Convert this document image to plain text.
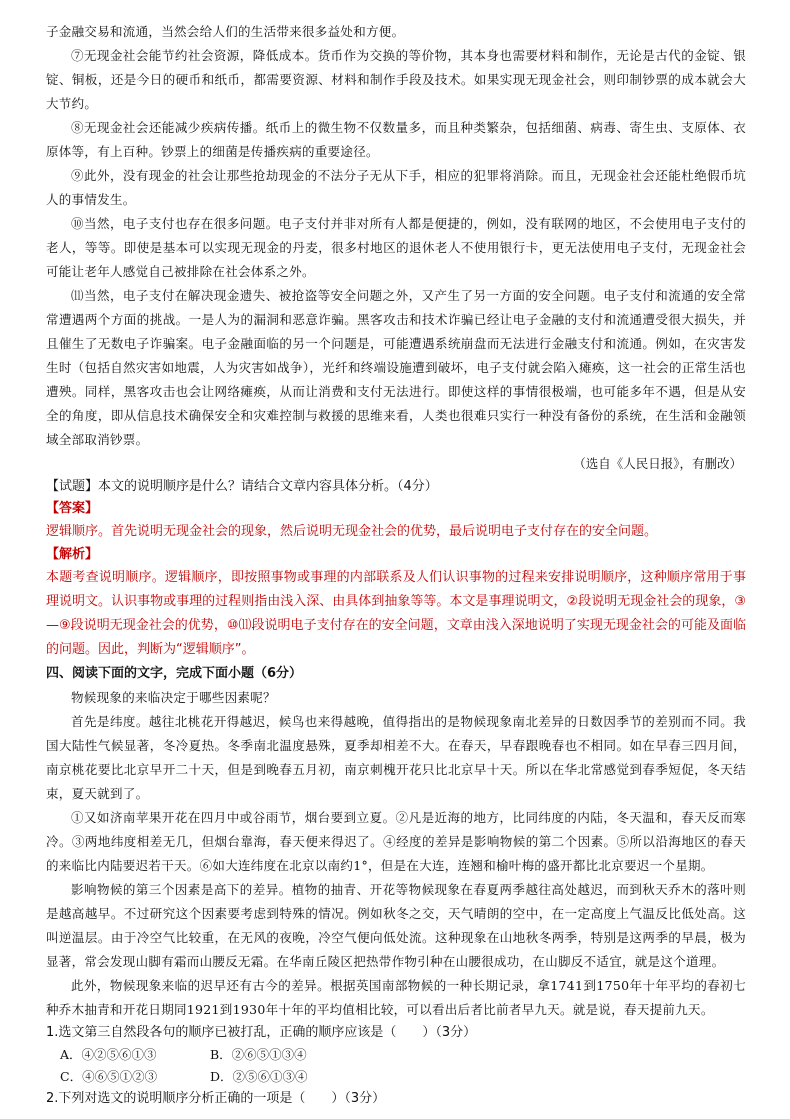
子金融交易和流通，当然会给人们的生活带来很多益处和方便。

⑦无现金社会能节约社会资源，降低成本。货币作为交换的等价物，其本身也需要材料和制作，无论是古代的金锭、银锭、铜板，还是今日的硬币和纸币，都需要资源、材料和制作手段及技术。如果实现无现金社会，则印制钞票的成本就会大大节约。

⑧无现金社会还能减少疾病传播。纸币上的微生物不仅数量多，而且种类繁杂，包括细菌、病毒、寄生虫、支原体、衣原体等，有上百种。钞票上的细菌是传播疾病的重要途径。

⑨此外，没有现金的社会让那些抢劫现金的不法分子无从下手，相应的犯罪将消除。而且，无现金社会还能杜绝假币坑人的事情发生。

⑩当然，电子支付也存在很多问题。电子支付并非对所有人都是便捷的，例如，没有联网的地区，不会使用电子支付的老人，等等。即使是基本可以实现无现金的丹麦，很多村地区的退休老人不使用银行卡，更无法使用电子支付，无现金社会可能让老年人感觉自己被排除在社会体系之外。

⑾当然，电子支付在解决现金遗失、被抢盗等安全问题之外，又产生了另一方面的安全问题。电子支付和流通的安全常常遭遇两个方面的挑战。一是人为的漏洞和恶意诈骗。黑客攻击和技术诈骗已经让电子金融的支付和流通遭受很大损失，并且催生了无数电子诈骗案。电子金融面临的另一个问题是，可能遭遇系统崩盘而无法进行金融支付和流通。例如，在灾害发生时（包括自然灾害如地震，人为灾害如战争），光纤和终端设施遭到破坏，电子支付就会陷入瘫痪，这一社会的正常生活也遭殃。同样，黑客攻击也会让网络瘫痪，从而让消费和支付无法进行。即使这样的事情很极端，也可能多年不遇，但是从安全的角度，即从信息技术确保安全和灾难控制与救援的思维来看，人类也很难只实行一种没有备份的系统，在生活和金融领域全部取消钞票。

（选自《人民日报》，有删改）

【试题】本文的说明顺序是什么？请结合文章内容具体分析。（4分）

【答案】

逻辑顺序。首先说明无现金社会的现象，然后说明无现金社会的优势，最后说明电子支付存在的安全问题。

【解析】

本题考查说明顺序。逻辑顺序，即按照事物或事理的内部联系及人们认识事物的过程来安排说明顺序，这种顺序常用于事理说明文。认识事物或事理的过程则指由浅入深、由具体到抽象等等。本文是事理说明文，②段说明无现金社会的现象，③—⑨段说明无现金社会的优势，⑩⑾段说明电子支付存在的安全问题，文章由浅入深地说明了实现无现金社会的可能及面临的问题。因此，判断为“逻辑顺序”。

四、阅读下面的文字，完成下面小题（6分）

物候现象的来临决定于哪些因素呢？

首先是纬度。越往北桃花开得越迟，候鸟也来得越晚，值得指出的是物候现象南北差异的日数因季节的差别而不同。我国大陆性气候显著，冬冷夏热。冬季南北温度悬殊，夏季却相差不大。在春天，早春跟晚春也不相同。如在早春三四月间，南京桃花要比北京早开二十天，但是到晚春五月初，南京刺槐开花只比北京早十天。所以在华北常感觉到春季短促，冬天结束，夏天就到了。

①又如济南苹果开花在四月中或谷雨节，烟台要到立夏。②凡是近海的地方，比同纬度的内陆，冬天温和，春天反而寒冷。③两地纬度相差无几，但烟台靠海，春天便来得迟了。④经度的差异是影响物候的第二个因素。⑤所以沿海地区的春天的来临比内陆要迟若干天。⑥如大连纬度在北京以南约1°，但是在大连，连翘和榆叶梅的盛开都比北京要迟一个星期。

影响物候的第三个因素是高下的差异。植物的抽青、开花等物候现象在春夏两季越往高处越迟，而到秋天乔木的落叶则是越高越早。不过研究这个因素要考虑到特殊的情况。例如秋冬之交，天气晴朗的空中，在一定高度上气温反比低处高。这叫逆温层。由于冷空气比较重，在无风的夜晚，冷空气便向低处流。这种现象在山地秋冬两季，特别是这两季的早晨，极为显著，常会发现山脚有霜而山腰反无霜。在华南丘陵区把热带作物引种在山腰很成功，在山脚反不适宜，就是这个道理。

此外，物候现象来临的迟早还有古今的差异。根据英国南部物候的一种长期记录，拿1741到1750年十年平均的春初七种乔木抽青和开花日期同1921到1930年十年的平均值相比较，可以看出后者比前者早九天。就是说，春天提前九天。

1.选文第三自然段各句的顺序已被打乱，正确的顺序应该是（　　）（3分）

A．④②⑤⑥①③	B．②⑥⑤①③④
C．④⑥⑤①②③	D．②⑤⑥①③④

2.下列对选文的说明顺序分析正确的一项是（　　）（3分）
